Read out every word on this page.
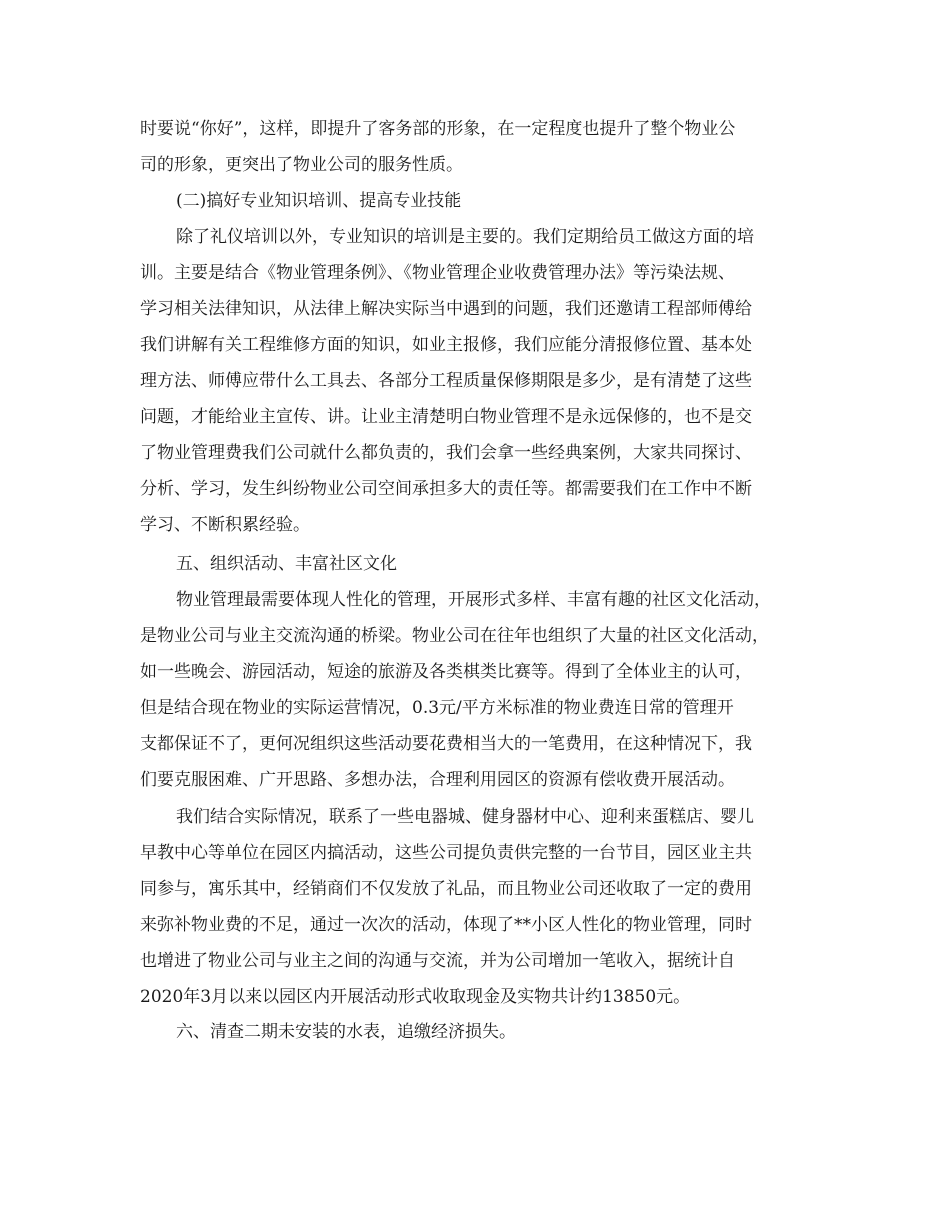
时要说“你好”，这样，即提升了客务部的形象，在一定程度也提升了整个物业公
司的形象，更突出了物业公司的服务性质。
(二)搞好专业知识培训、提高专业技能
除了礼仪培训以外，专业知识的培训是主要的。我们定期给员工做这方面的培
训。主要是结合《物业管理条例》、《物业管理企业收费管理办法》等污染法规、
学习相关法律知识，从法律上解决实际当中遇到的问题，我们还邀请工程部师傅给
我们讲解有关工程维修方面的知识，如业主报修，我们应能分清报修位置、基本处
理方法、师傅应带什么工具去、各部分工程质量保修期限是多少，是有清楚了这些
问题，才能给业主宣传、讲。让业主清楚明白物业管理不是永远保修的，也不是交
了物业管理费我们公司就什么都负责的，我们会拿一些经典案例，大家共同探讨、
分析、学习，发生纠纷物业公司空间承担多大的责任等。都需要我们在工作中不断
学习、不断积累经验。
五、组织活动、丰富社区文化
物业管理最需要体现人性化的管理，开展形式多样、丰富有趣的社区文化活动，
是物业公司与业主交流沟通的桥梁。物业公司在往年也组织了大量的社区文化活动，
如一些晚会、游园活动，短途的旅游及各类棋类比赛等。得到了全体业主的认可，
但是结合现在物业的实际运营情况，0.3元/平方米标准的物业费连日常的管理开
支都保证不了，更何况组织这些活动要花费相当大的一笔费用，在这种情况下，我
们要克服困难、广开思路、多想办法，合理利用园区的资源有偿收费开展活动。
我们结合实际情况，联系了一些电器城、健身器材中心、迎利来蛋糕店、婴儿
早教中心等单位在园区内搞活动，这些公司提负责供完整的一台节目，园区业主共
同参与，寓乐其中，经销商们不仅发放了礼品，而且物业公司还收取了一定的费用
来弥补物业费的不足，通过一次次的活动，体现了**小区人性化的物业管理，同时
也增进了物业公司与业主之间的沟通与交流，并为公司增加一笔收入，据统计自
2020年3月以来以园区内开展活动形式收取现金及实物共计约13850元。
六、清查二期未安装的水表，追缴经济损失。
